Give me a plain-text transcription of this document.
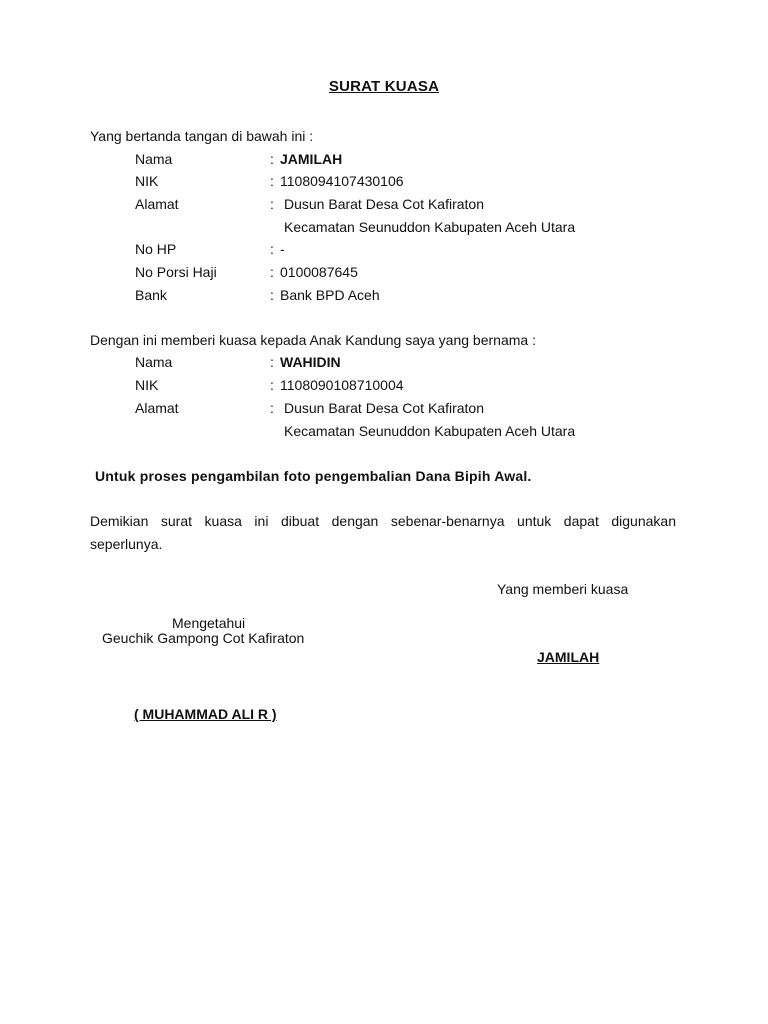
SURAT KUASA
Yang bertanda tangan di bawah ini :
Nama	: JAMILAH
NIK	: 1108094107430106
Alamat	: Dusun Barat Desa Cot Kafiraton
Kecamatan Seunuddon Kabupaten Aceh Utara
No HP	: -
No Porsi Haji	: 0100087645
Bank	: Bank BPD Aceh
Dengan ini memberi kuasa kepada Anak Kandung saya yang bernama :
Nama	: WAHIDIN
NIK	: 1108090108710004
Alamat	: Dusun Barat Desa Cot Kafiraton
Kecamatan Seunuddon Kabupaten Aceh Utara
Untuk proses pengambilan foto pengembalian Dana Bipih Awal.
Demikian surat kuasa ini dibuat dengan sebenar-benarnya untuk dapat digunakan
seperlunya.
Yang memberi kuasa
Mengetahui
Geuchik Gampong Cot Kafiraton
JAMILAH
( MUHAMMAD ALI R )
